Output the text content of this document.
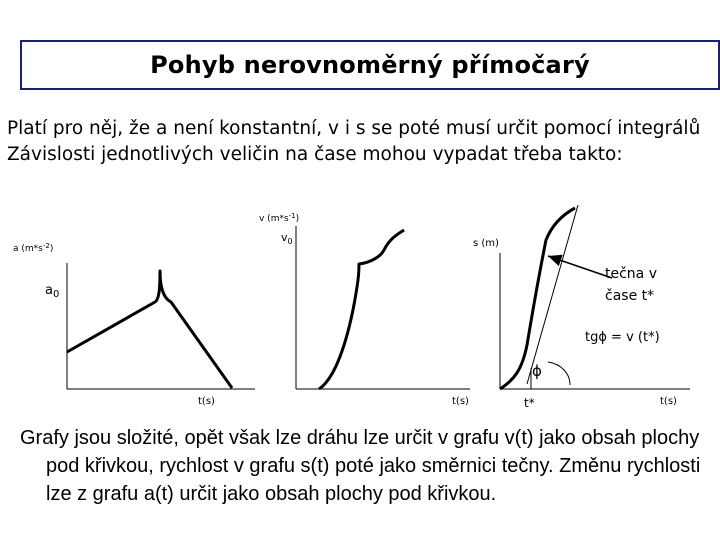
Pohyb nerovnoměrný přímočarý

Platí pro něj, že a není konstantní, v i s se poté musí určit pomocí integrálů

Závislosti jednotlivých veličin na čase mohou vypadat třeba takto:

a $(m*s^{-2})$
$a_0$
t(s)
v $(m*s^{-1})$
$v_0$
t(s)
s (m)
tečna v
čase t*
tgϕ = v (t*)
ϕ
t*	t(s)

Grafy jsou složité, opět však lze dráhu lze určit v grafu v(t) jako obsah plochy pod křivkou, rychlost v grafu s(t) poté jako směrnici tečny. Změnu rychlosti lze z grafu a(t) určit jako obsah plochy pod křivkou.
